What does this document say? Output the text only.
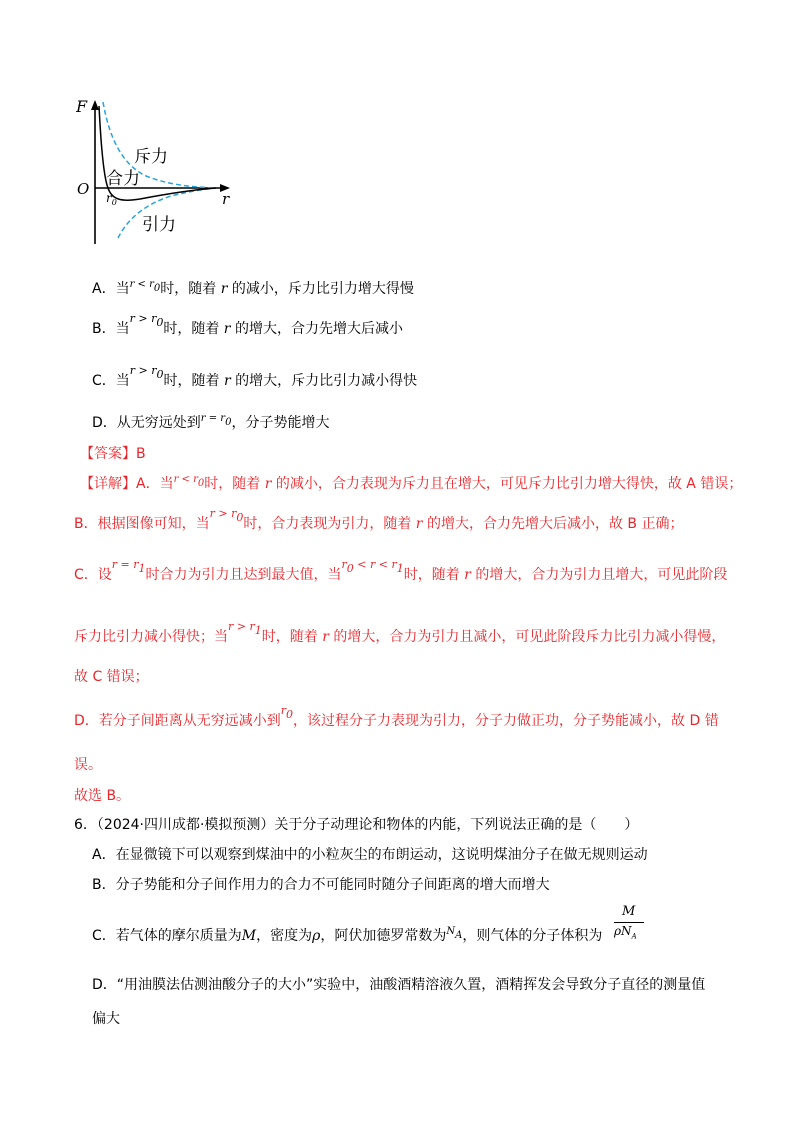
F
O
r
$r_0$
斥力
合力
引力
A．当$^{r < r}_0$时，随着 r 的减小，斥力比引力增大得慢
B．当$^{r > r}_0$时，随着 r 的增大，合力先增大后减小
C．当$^{r > r}_0$时，随着 r 的增大，斥力比引力减小得快
D．从无穷远处到$^{r = r}_0$，分子势能增大
【答案】B
【详解】A．当$^{r < r}_0$时，随着 r 的减小，合力表现为斥力且在增大，可见斥力比引力增大得快，故 A 错误；
B．根据图像可知，当$^{r > r}_0$时，合力表现为引力，随着 r 的增大，合力先增大后减小，故 B 正确；
C．设$^{r = r}_1$时合力为引力且达到最大值，当$^r_0$ $^{< r < r}_1$时，随着 r 的增大，合力为引力且增大，可见此阶段
斥力比引力减小得快；当$^{r > r}_1$时，随着 r 的增大，合力为引力且减小，可见此阶段斥力比引力减小得慢，
故 C 错误；
D．若分子间距离从无穷远减小到$^r_0$，该过程分子力表现为引力，分子力做正功，分子势能减小，故 D 错
误。
故选 B。
6．（2024·四川成都·模拟预测）关于分子动理论和物体的内能，下列说法正确的是（　　）
A．在显微镜下可以观察到煤油中的小粒灰尘的布朗运动，这说明煤油分子在做无规则运动
B．分子势能和分子间作用力的合力不可能同时随分子间距离的增大而增大
C．若气体的摩尔质量为M，密度为ρ，阿伏加德罗常数为$^N_A$，则气体的分子体积为
M
$\rho N_A$
D．“用油膜法估测油酸分子的大小”实验中，油酸酒精溶液久置，酒精挥发会导致分子直径的测量值
偏大
